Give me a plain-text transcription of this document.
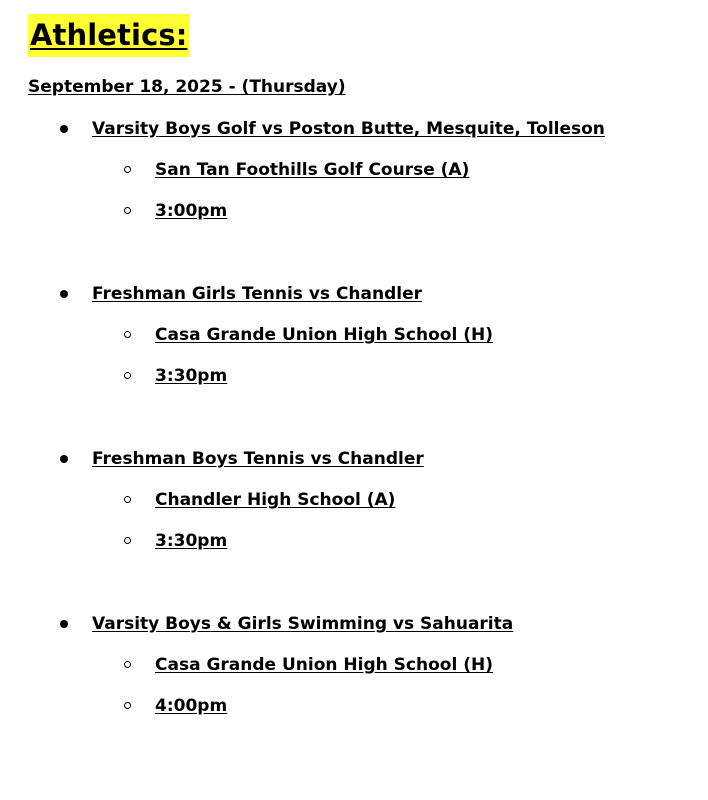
Athletics:
September 18, 2025 - (Thursday)
Varsity Boys Golf vs Poston Butte, Mesquite, Tolleson
San Tan Foothills Golf Course (A)
3:00pm
Freshman Girls Tennis vs Chandler
Casa Grande Union High School (H)
3:30pm
Freshman Boys Tennis vs Chandler
Chandler High School (A)
3:30pm
Varsity Boys & Girls Swimming vs Sahuarita
Casa Grande Union High School (H)
4:00pm
